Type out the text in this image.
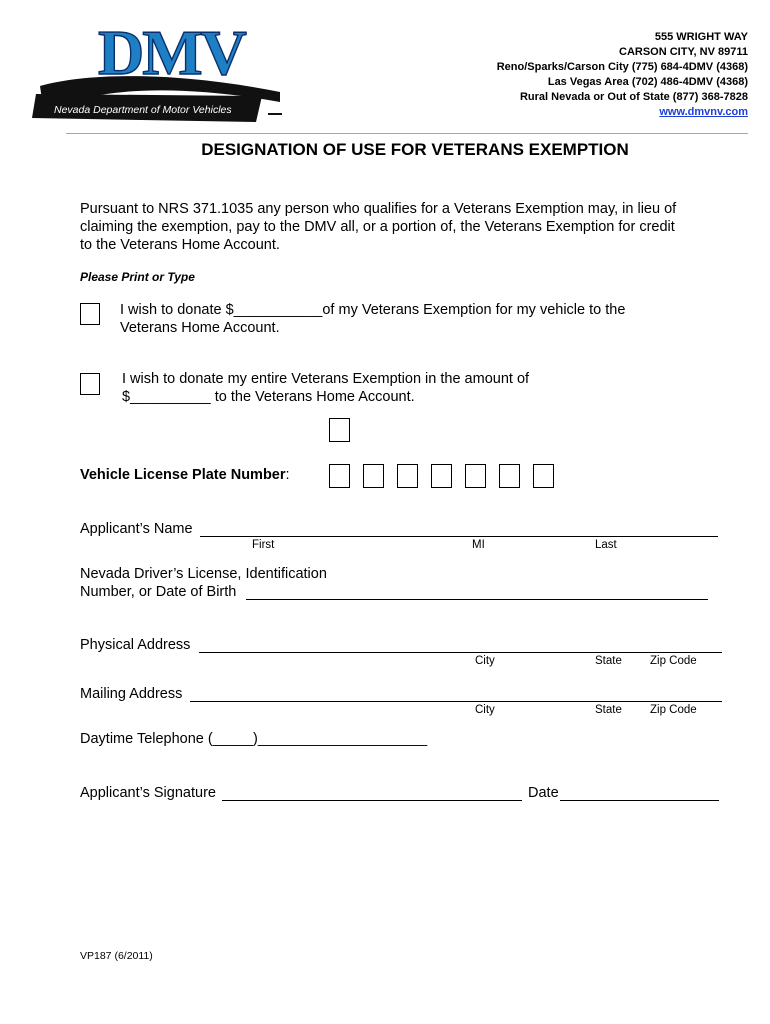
DMV
Nevada Department of Motor Vehicles
555 WRIGHT WAY
CARSON CITY, NV 89711
Reno/Sparks/Carson City (775) 684-4DMV (4368)
Las Vegas Area (702) 486-4DMV (4368)
Rural Nevada or Out of State (877) 368-7828
www.dmvnv.com
DESIGNATION OF USE FOR VETERANS EXEMPTION
Pursuant to NRS 371.1035 any person who qualifies for a Veterans Exemption may, in lieu of
claiming the exemption, pay to the DMV all, or a portion of, the Veterans Exemption for credit
to the Veterans Home Account.
Please Print or Type
I wish to donate $___________of my Veterans Exemption for my vehicle to the
Veterans Home Account.
I wish to donate my entire Veterans Exemption in the amount of
$__________ to the Veterans Home Account.
Vehicle License Plate Number:
Applicant’s Name
First	MI	Last
Nevada Driver’s License, Identification
Number, or Date of Birth
Physical Address
City	State Zip Code
Mailing Address
City	State Zip Code
Daytime Telephone (_____)_____________________
Applicant’s Signature	Date
VP187 (6/2011)
